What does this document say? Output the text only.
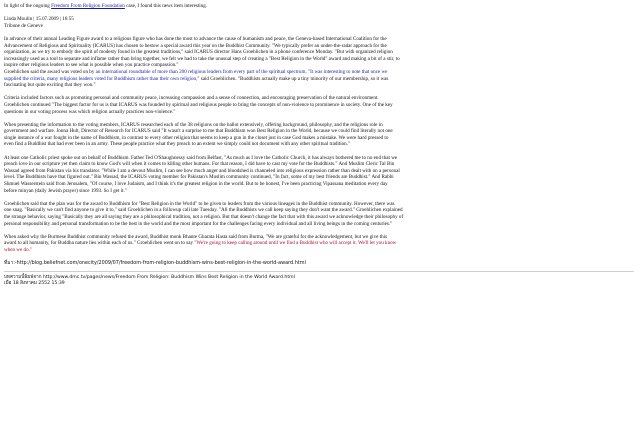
In light of the ongoing Freedom From Religion Foundation case, I found this news item interesting.
Linda Moulin | 15.07.2009 | 16:55
Tribune de Geneve
In advance of their annual Leading Figure award to a religious figure who has done the most to advance the cause of humanism and peace, the Geneva-based International Coalition for the
Advancement of Religious and Spirituality (ICARUS) has chosen to bestow a special award this year on the Buddhist Community. "We typically prefer an under-the-radar approach for the
organization, as we try to embody the spirit of modesty found in the greatest traditions," said ICARUS director Hans Groehlichen in a phone conference Monday. "But with organized religion
increasingly used as a tool to separate and inflame rather than bring together, we felt we had to take the unusual step of creating a "Best Religion in the World" award and making a bit of a stir, to
inspire other religious leaders to see what is possible when you practice compassion."
Groehlichen said the award was voted on by an international roundtable of more than 200 religious leaders from every part of the spiritual spectrum. "It was interesting to note that once we
supplied the criteria, many religious leaders voted for Buddhism rather than their own religion," said Groehlichen. "Buddhists actually make up a tiny minority of our membership, so it was
fascinating but quite exciting that they won."
Criteria included factors such as promoting personal and community peace, increasing compassion and a sense of connection, and encouraging preservation of the natural environment.
Groehlichen continued "The biggest factor for us is that ICARUS was founded by spiritual and religious people to bring the concepts of non-violence to prominence in society. One of the key
questions in our voting process was which religion actually practices non-violence."
When presenting the information to the voting members, ICARUS researched each of the 38 religions on the ballot extensively, offering background, philosophy, and the religions role in
government and warfare. Jonna Hult, Director of Research for ICARUS said "It wasn't a surprise to me that Buddhism won Best Religion in the World, because we could find literally not one
single instance of a war fought in the name of Buddhism, in contrast to every other religion that seems to keep a gun in the closet just in case God makes a mistake. We were hard pressed to
even find a Buddhist that had ever been in an army. These people practice what they preach to an extent we simply could not document with any other spiritual tradition."
At least one Catholic priest spoke out on behalf of Buddhism. Father Ted O'Shaughnessy said from Belfast, "As much as I love the Catholic Church, it has always bothered me to no end that we
preach love in our scripture yet then claim to know God's will when it comes to killing other humans. For that reason, I did have to cast my vote for the Buddhists." And Muslim Cleric Tal Bin
Wassad agreed from Pakistan via his translator. "While I am a devout Muslim, I can see how much anger and bloodshed is channeled into religious expression rather than dealt with on a personal
level. The Buddhists have that figured out." Bin Wassad, the ICARUS voting member for Pakistan's Muslim community continued, "In fact, some of my best friends are Buddhist." And Rabbi
Shmuel Wasserstein said from Jerusalem, "Of course, I love Judaism, and I think it's the greatest religion in the world. But to be honest, I've been practicing Vipassana meditation every day
before minyan (daily Jewish prayer) since 1993. So I get it."
Groehlichen said that the plan was for the award to Buddhism for "Best Religion in the World" to be given to leaders from the various lineages in the Buddhist community. However, there was
one snag. "Basically we can't find anyone to give it to," said Groehlichen in a followup call late Tuesday. "All the Buddhists we call keep saying they don't want the award." Groehlichen explained
the strange behavior, saying "Basically they are all saying they are a philosophical tradition, not a religion. But that doesn't change the fact that with this award we acknowledge their philosophy of
personal responsibility and personal transformation to be the best in the world and the most important for the challenges facing every individual and all living beings in the coming centuries."
When asked why the Burmese Buddhist community refused the award, Buddhist monk Bhante Gharata Hasta said from Burma, "We are grateful for the acknowledgement, but we give this
award to all humanity, for Buddha nature lies within each of us." Groehlichen went on to say "We're going to keep calling around until we find a Buddhist who will accept it. We'll let you know
when we do."
ที่มา:-http://blog.beliefnet.com/onecity/2009/07/freedom-from-religion-buddhism-wins-best-religion-in-the-world-award.html
บทความนี้พิมพ์จาก http://www.dmc.tv/pages/news/Freedom From Religion: Buddhism Wins Best Religion in the World Award.html
เมื่อ 18 สิงหาคม 2552 15:39
